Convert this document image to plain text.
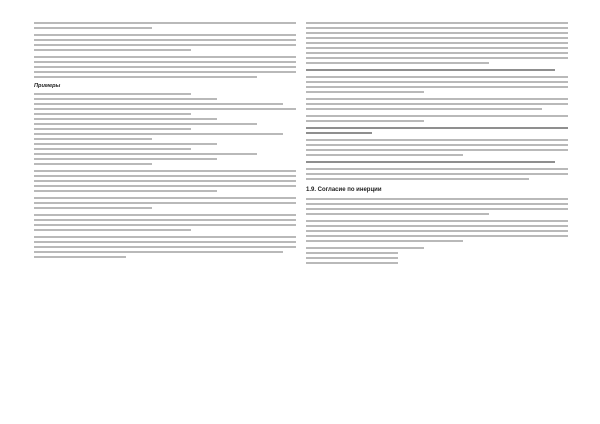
Примеры
1.9. Согласие по инерции
